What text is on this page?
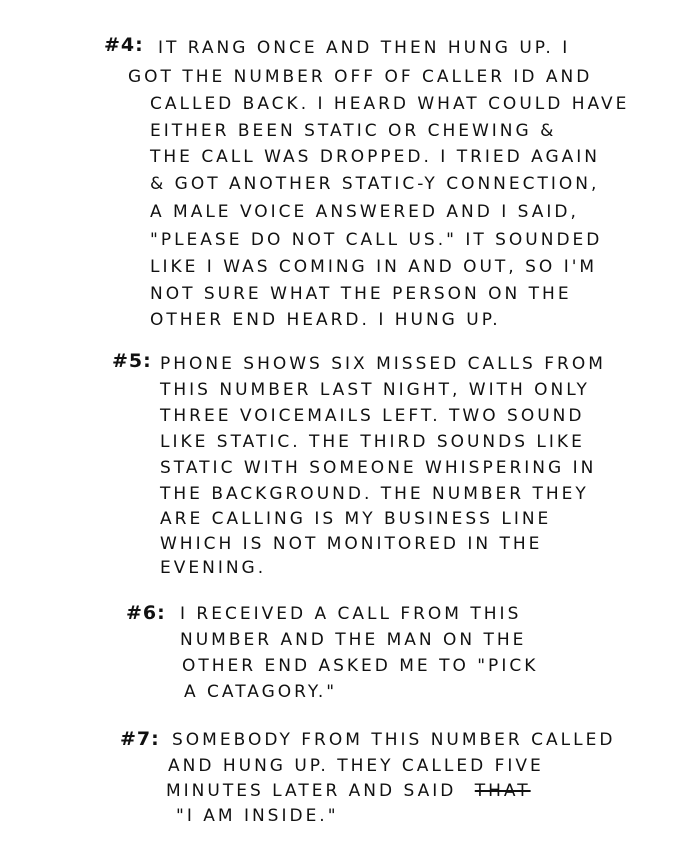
#4: IT RANG ONCE AND THEN HUNG UP. I
GOT THE NUMBER OFF OF CALLER ID AND
CALLED BACK. I HEARD WHAT COULD HAVE
EITHER BEEN STATIC OR CHEWING &
THE CALL WAS DROPPED. I TRIED AGAIN
& GOT ANOTHER STATIC-Y CONNECTION,
A MALE VOICE ANSWERED AND I SAID,
"PLEASE DO NOT CALL US." IT SOUNDED
LIKE I WAS COMING IN AND OUT, SO I'M
NOT SURE WHAT THE PERSON ON THE
OTHER END HEARD. I HUNG UP.
#5: PHONE SHOWS SIX MISSED CALLS FROM
THIS NUMBER LAST NIGHT, WITH ONLY
THREE VOICEMAILS LEFT. TWO SOUND
LIKE STATIC. THE THIRD SOUNDS LIKE
STATIC WITH SOMEONE WHISPERING IN
THE BACKGROUND. THE NUMBER THEY
ARE CALLING IS MY BUSINESS LINE
WHICH IS NOT MONITORED IN THE
EVENING.
#6: I RECEIVED A CALL FROM THIS
NUMBER AND THE MAN ON THE
OTHER END ASKED ME TO "PICK
A CATAGORY."
#7: SOMEBODY FROM THIS NUMBER CALLED
AND HUNG UP. THEY CALLED FIVE
MINUTES LATER AND SAID THAT
"I AM INSIDE."
